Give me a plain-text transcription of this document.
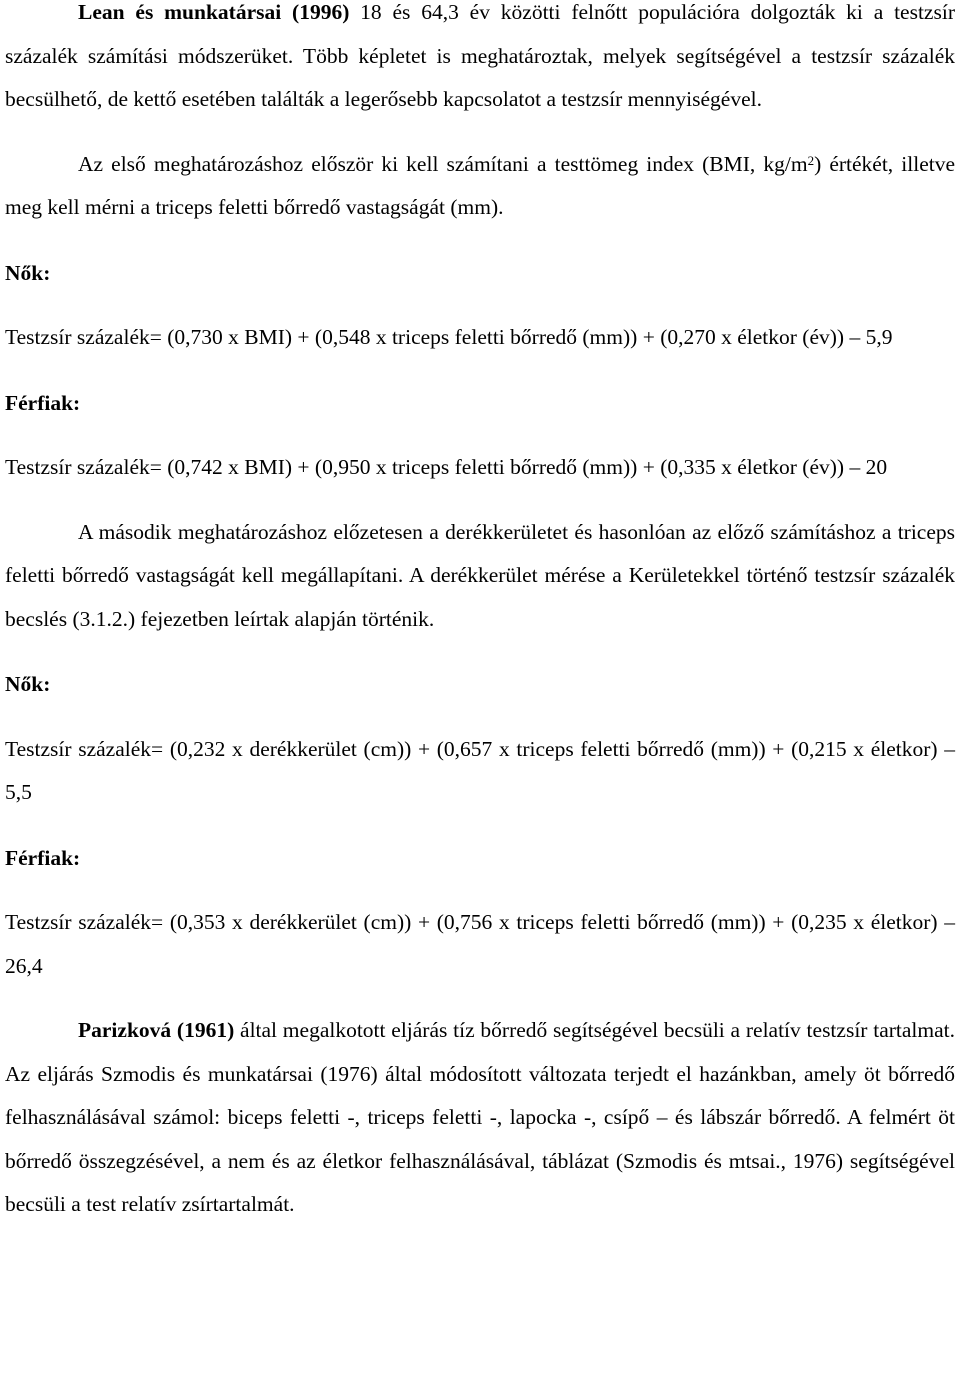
Lean és munkatársai (1996) 18 és 64,3 év közötti felnőtt populációra dolgozták ki a testzsír százalék számítási módszerüket. Több képletet is meghatároztak, melyek segítségével a testzsír százalék becsülhető, de kettő esetében találták a legerősebb kapcsolatot a testzsír mennyiségével.

Az első meghatározáshoz először ki kell számítani a testtömeg index (BMI, $kg/m^2$) értékét, illetve meg kell mérni a triceps feletti bőrredő vastagságát (mm).

Nők:

Testzsír százalék= (0,730 x BMI) + (0,548 x triceps feletti bőrredő (mm)) + (0,270 x életkor (év)) – 5,9

Férfiak:

Testzsír százalék= (0,742 x BMI) + (0,950 x triceps feletti bőrredő (mm)) + (0,335 x életkor (év)) – 20

A második meghatározáshoz előzetesen a derékkerületet és hasonlóan az előző számításhoz a triceps feletti bőrredő vastagságát kell megállapítani. A derékkerület mérése a Kerületekkel történő testzsír százalék becslés (3.1.2.) fejezetben leírtak alapján történik.

Nők:

Testzsír százalék= (0,232 x derékkerület (cm)) + (0,657 x triceps feletti bőrredő (mm)) + (0,215 x életkor) – 5,5

Férfiak:

Testzsír százalék= (0,353 x derékkerület (cm)) + (0,756 x triceps feletti bőrredő (mm)) + (0,235 x életkor) – 26,4

Parizková (1961) által megalkotott eljárás tíz bőrredő segítségével becsüli a relatív testzsír tartalmat. Az eljárás Szmodis és munkatársai (1976) által módosított változata terjedt el hazánkban, amely öt bőrredő felhasználásával számol: biceps feletti -, triceps feletti -, lapocka -, csípő – és lábszár bőrredő. A felmért öt bőrredő összegzésével, a nem és az életkor felhasználásával, táblázat (Szmodis és mtsai., 1976) segítségével becsüli a test relatív zsírtartalmát.
